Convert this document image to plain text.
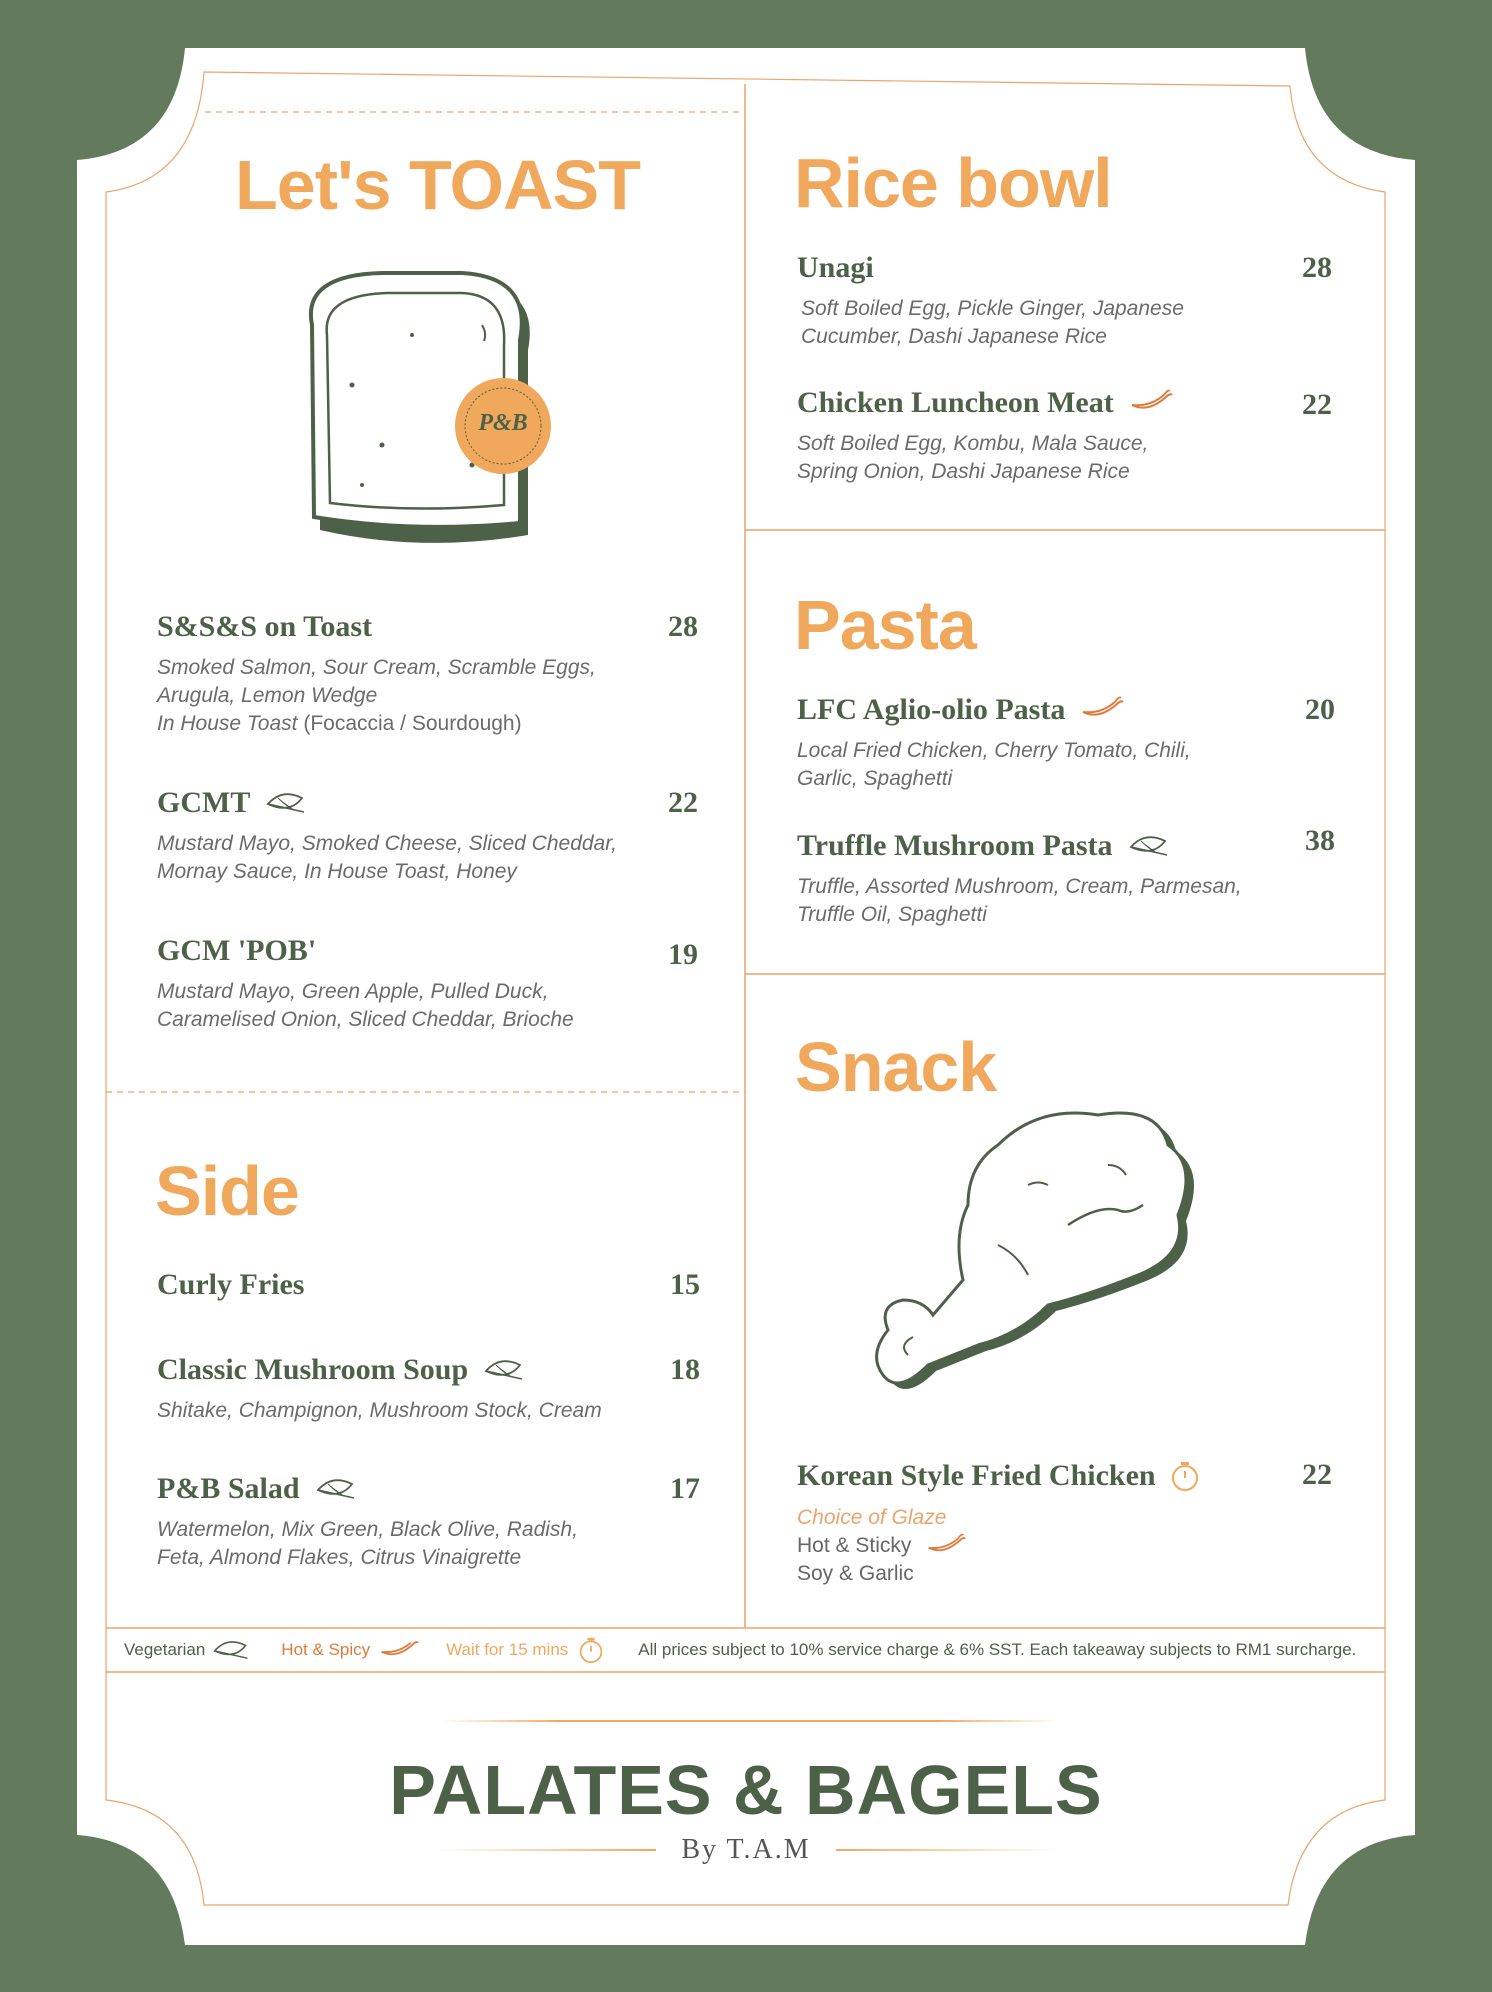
Let's TOAST
P&B
S&S&S on Toast
Smoked Salmon, Sour Cream, Scramble Eggs,
Arugula, Lemon Wedge
In House Toast (Focaccia / Sourdough)
28
GCMT
Mustard Mayo, Smoked Cheese, Sliced Cheddar,
Mornay Sauce, In House Toast, Honey
22
GCM 'POB'
Mustard Mayo, Green Apple, Pulled Duck,
Caramelised Onion, Sliced Cheddar, Brioche
19
Side
Curly Fries	15
Classic Mushroom Soup
Shitake, Champignon, Mushroom Stock, Cream
18
P&B Salad
Watermelon, Mix Green, Black Olive, Radish,
Feta, Almond Flakes, Citrus Vinaigrette
17
Rice bowl
Unagi
Soft Boiled Egg, Pickle Ginger, Japanese
Cucumber, Dashi Japanese Rice
28
Chicken Luncheon Meat
Soft Boiled Egg, Kombu, Mala Sauce,
Spring Onion, Dashi Japanese Rice
22
Pasta
LFC Aglio-olio Pasta
Local Fried Chicken, Cherry Tomato, Chili,
Garlic, Spaghetti
20
Truffle Mushroom Pasta
Truffle, Assorted Mushroom, Cream, Parmesan,
Truffle Oil, Spaghetti
38
Snack
Korean Style Fried Chicken
Choice of Glaze
Hot & Sticky
Soy & Garlic
22
Vegetarian	Hot & Spicy	Wait for 15 mins	All prices subject to 10% service charge & 6% SST. Each takeaway subjects to RM1 surcharge.
PALATES & BAGELS
By T.A.M
